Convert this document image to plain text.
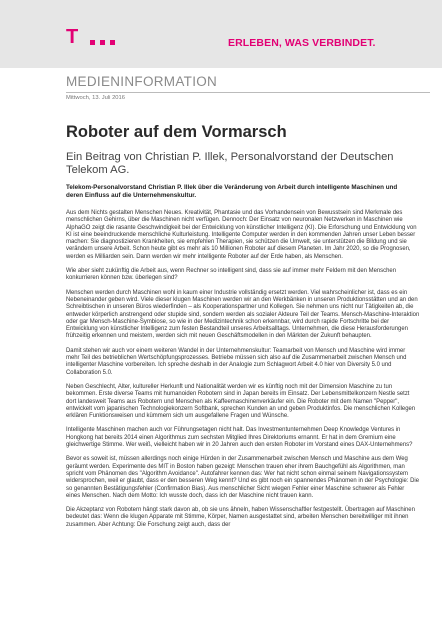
T	ERLEBEN, WAS VERBINDET.
MEDIENINFORMATION
Mittwoch, 13. Juli 2016
Roboter auf dem Vormarsch
Ein Beitrag von Christian P. Illek, Personalvorstand der Deutschen Telekom AG.
Telekom-Personalvorstand Christian P. Illek über die Veränderung von Arbeit durch intelligente Maschinen und deren Einfluss auf die Unternehmenskultur.

Aus dem Nichts gestalten Menschen Neues. Kreativität, Phantasie und das Vorhandensein von Bewusstsein sind Merkmale des menschlichen Gehirns, über die Maschinen nicht verfügen. Dennoch: Der Einsatz von neuronalen Netzwerken in Maschinen wie AlphaGO zeigt die rasante Geschwindigkeit bei der Entwicklung von künstlicher Intelligenz (KI). Die Erforschung und Entwicklung von KI ist eine beeindruckende menschliche Kulturleistung. Intelligente Computer werden in den kommenden Jahren unser Leben besser machen: Sie diagnostizieren Krankheiten, sie empfehlen Therapien, sie schützen die Umwelt, sie unterstützen die Bildung und sie verändern unsere Arbeit. Schon heute gibt es mehr als 10 Millionen Roboter auf diesem Planeten. Im Jahr 2020, so die Prognosen, werden es Milliarden sein. Dann werden wir mehr intelligente Roboter auf der Erde haben, als Menschen.

Wie aber sieht zukünftig die Arbeit aus, wenn Rechner so intelligent sind, dass sie auf immer mehr Feldern mit den Menschen konkurrieren können bzw. überlegen sind?

Menschen werden durch Maschinen wohl in kaum einer Industrie vollständig ersetzt werden. Viel wahrscheinlicher ist, dass es ein Nebeneinander geben wird. Viele dieser klugen Maschinen werden wir an den Werkbänken in unseren Produktionsstätten und an den Schreibtischen in unseren Büros wiederfinden – als Kooperationspartner und Kollegen. Sie nehmen uns nicht nur Tätigkeiten ab, die entweder körperlich anstrengend oder stupide sind, sondern werden als sozialer Akteure Teil der Teams. Mensch-Maschine-Interaktion oder gar Mensch-Maschine-Symbiose, so wie in der Medizintechnik schon erkennbar, wird durch rapide Fortschritte bei der Entwicklung von künstlicher Intelligenz zum festen Bestandteil unseres Arbeitsalltags. Unternehmen, die diese Herausforderungen frühzeitig erkennen und meistern, werden sich mit neuen Geschäftsmodellen in den Märkten der Zukunft behaupten.

Damit stehen wir auch vor einem weiteren Wandel in der Unternehmenskultur: Teamarbeit von Mensch und Maschine wird immer mehr Teil des betrieblichen Wertschöpfungsprozesses. Betriebe müssen sich also auf die Zusammenarbeit zwischen Mensch und intelligenter Maschine vorbereiten. Ich spreche deshalb in der Analogie zum Schlagwort Arbeit 4.0 hier von Diversity 5.0 und Collaboration 5.0.

Neben Geschlecht, Alter, kultureller Herkunft und Nationalität werden wir es künftig noch mit der Dimension Maschine zu tun bekommen. Erste diverse Teams mit humanoiden Robotern sind in Japan bereits im Einsatz. Der Lebensmittelkonzern Nestle setzt dort landesweit Teams aus Robotern und Menschen als Kaffeemaschinenverkäufer ein. Die Roboter mit dem Namen "Pepper", entwickelt vom japanischen Technologiekonzern Softbank, sprechen Kunden an und geben Produktinfos. Die menschlichen Kollegen erklären Funktionsweisen und kümmern sich um ausgefallene Fragen und Wünsche.

Intelligente Maschinen machen auch vor Führungsetagen nicht halt. Das Investmentunternehmen Deep Knowledge Ventures in Hongkong hat bereits 2014 einen Algorithmus zum sechsten Mitglied Ihres Direktoriums ernannt. Er hat in dem Gremium eine gleichwertige Stimme. Wer weiß, vielleicht haben wir in 20 Jahren auch den ersten Roboter im Vorstand eines DAX-Unternehmens?

Bevor es soweit ist, müssen allerdings noch einige Hürden in der Zusammenarbeit zwischen Mensch und Maschine aus dem Weg geräumt werden. Experimente des MIT in Boston haben gezeigt: Menschen trauen eher ihrem Bauchgefühl als Algorithmen, man spricht vom Phänomen des "Algorithm Avoidance". Autofahrer kennen das: Wer hat nicht schon einmal seinem Navigationssystem widersprochen, weil er glaubt, dass er den besseren Weg kennt? Und es gibt noch ein spannendes Phänomen in der Psychologie: Die so genannten Bestätigungsfehler (Confirmation Bias). Aus menschlicher Sicht wiegen Fehler einer Maschine schwerer als Fehler eines Menschen. Nach dem Motto: Ich wusste doch, dass ich der Maschine nicht trauen kann.

Die Akzeptanz von Robotern hängt stark davon ab, ob sie uns ähneln, haben Wissenschaftler festgestellt. Übertragen auf Maschinen bedeutet das: Wenn die klugen Apparate mit Stimme, Körper, Namen ausgestattet sind, arbeiten Menschen bereitwilliger mit ihnen zusammen. Aber Achtung: Die Forschung zeigt auch, dass der
